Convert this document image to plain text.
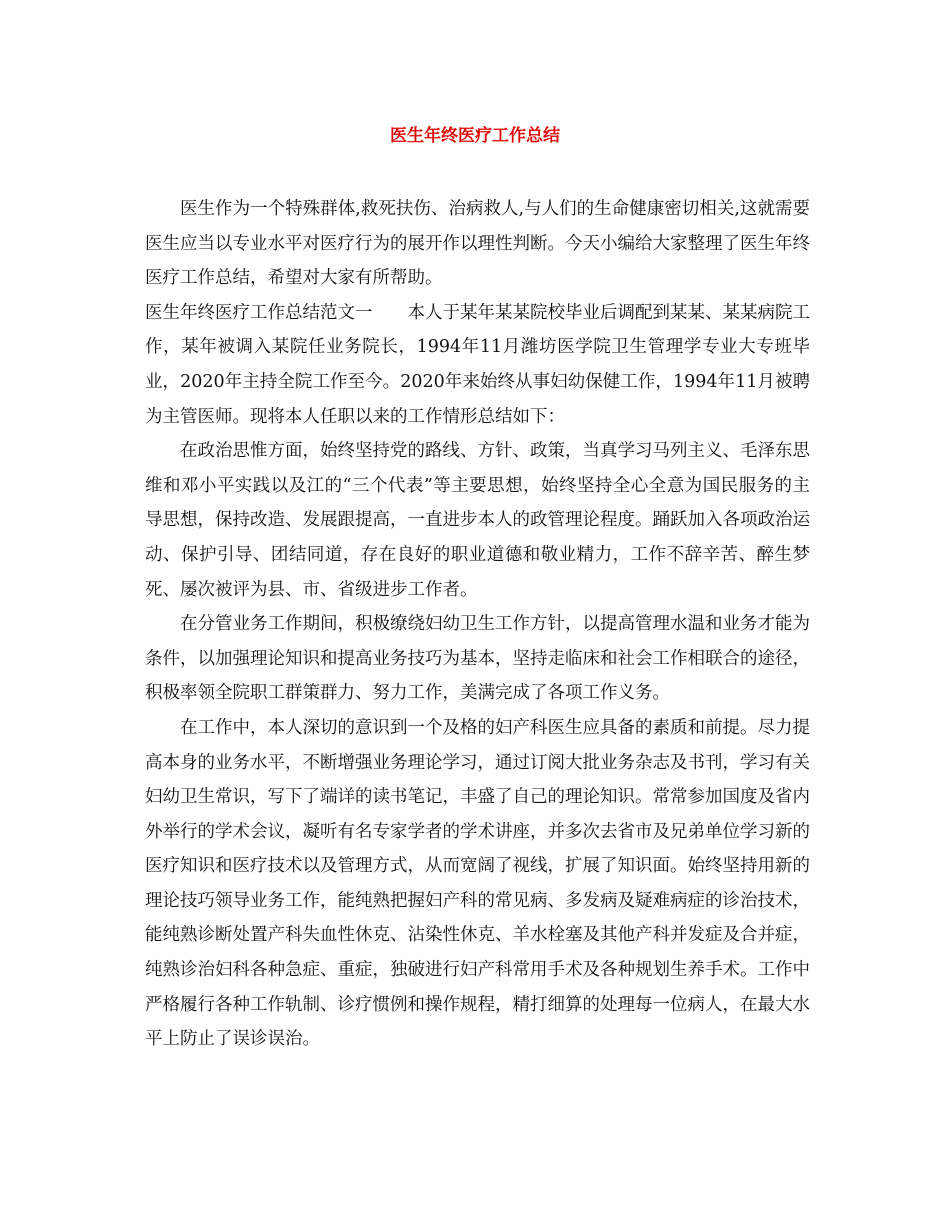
医生年终医疗工作总结

医生作为一个特殊群体,救死扶伤、治病救人,与人们的生命健康密切相关,这就需要医生应当以专业水平对医疗行为的展开作以理性判断。今天小编给大家整理了医生年终医疗工作总结，希望对大家有所帮助。

医生年终医疗工作总结范文一　　本人于某年某某院校毕业后调配到某某、某某病院工作，某年被调入某院任业务院长，1994年11月潍坊医学院卫生管理学专业大专班毕业，2020年主持全院工作至今。2020年来始终从事妇幼保健工作，1994年11月被聘为主管医师。现将本人任职以来的工作情形总结如下：

在政治思惟方面，始终坚持党的路线、方针、政策，当真学习马列主义、毛泽东思维和邓小平实践以及江的“三个代表”等主要思想，始终坚持全心全意为国民服务的主导思想，保持改造、发展跟提高，一直进步本人的政管理论程度。踊跃加入各项政治运动、保护引导、团结同道，存在良好的职业道德和敬业精力，工作不辞辛苦、醉生梦死、屡次被评为县、市、省级进步工作者。

在分管业务工作期间，积极缭绕妇幼卫生工作方针，以提高管理水温和业务才能为条件，以加强理论知识和提高业务技巧为基本，坚持走临床和社会工作相联合的途径，积极率领全院职工群策群力、努力工作，美满完成了各项工作义务。

在工作中，本人深切的意识到一个及格的妇产科医生应具备的素质和前提。尽力提高本身的业务水平，不断增强业务理论学习，通过订阅大批业务杂志及书刊，学习有关妇幼卫生常识，写下了端详的读书笔记，丰盛了自己的理论知识。常常参加国度及省内外举行的学术会议，凝听有名专家学者的学术讲座，并多次去省市及兄弟单位学习新的医疗知识和医疗技术以及管理方式，从而宽阔了视线，扩展了知识面。始终坚持用新的理论技巧领导业务工作，能纯熟把握妇产科的常见病、多发病及疑难病症的诊治技术，能纯熟诊断处置产科失血性休克、沾染性休克、羊水栓塞及其他产科并发症及合并症，纯熟诊治妇科各种急症、重症，独破进行妇产科常用手术及各种规划生养手术。工作中严格履行各种工作轨制、诊疗惯例和操作规程，精打细算的处理每一位病人，在最大水平上防止了误诊误治。
